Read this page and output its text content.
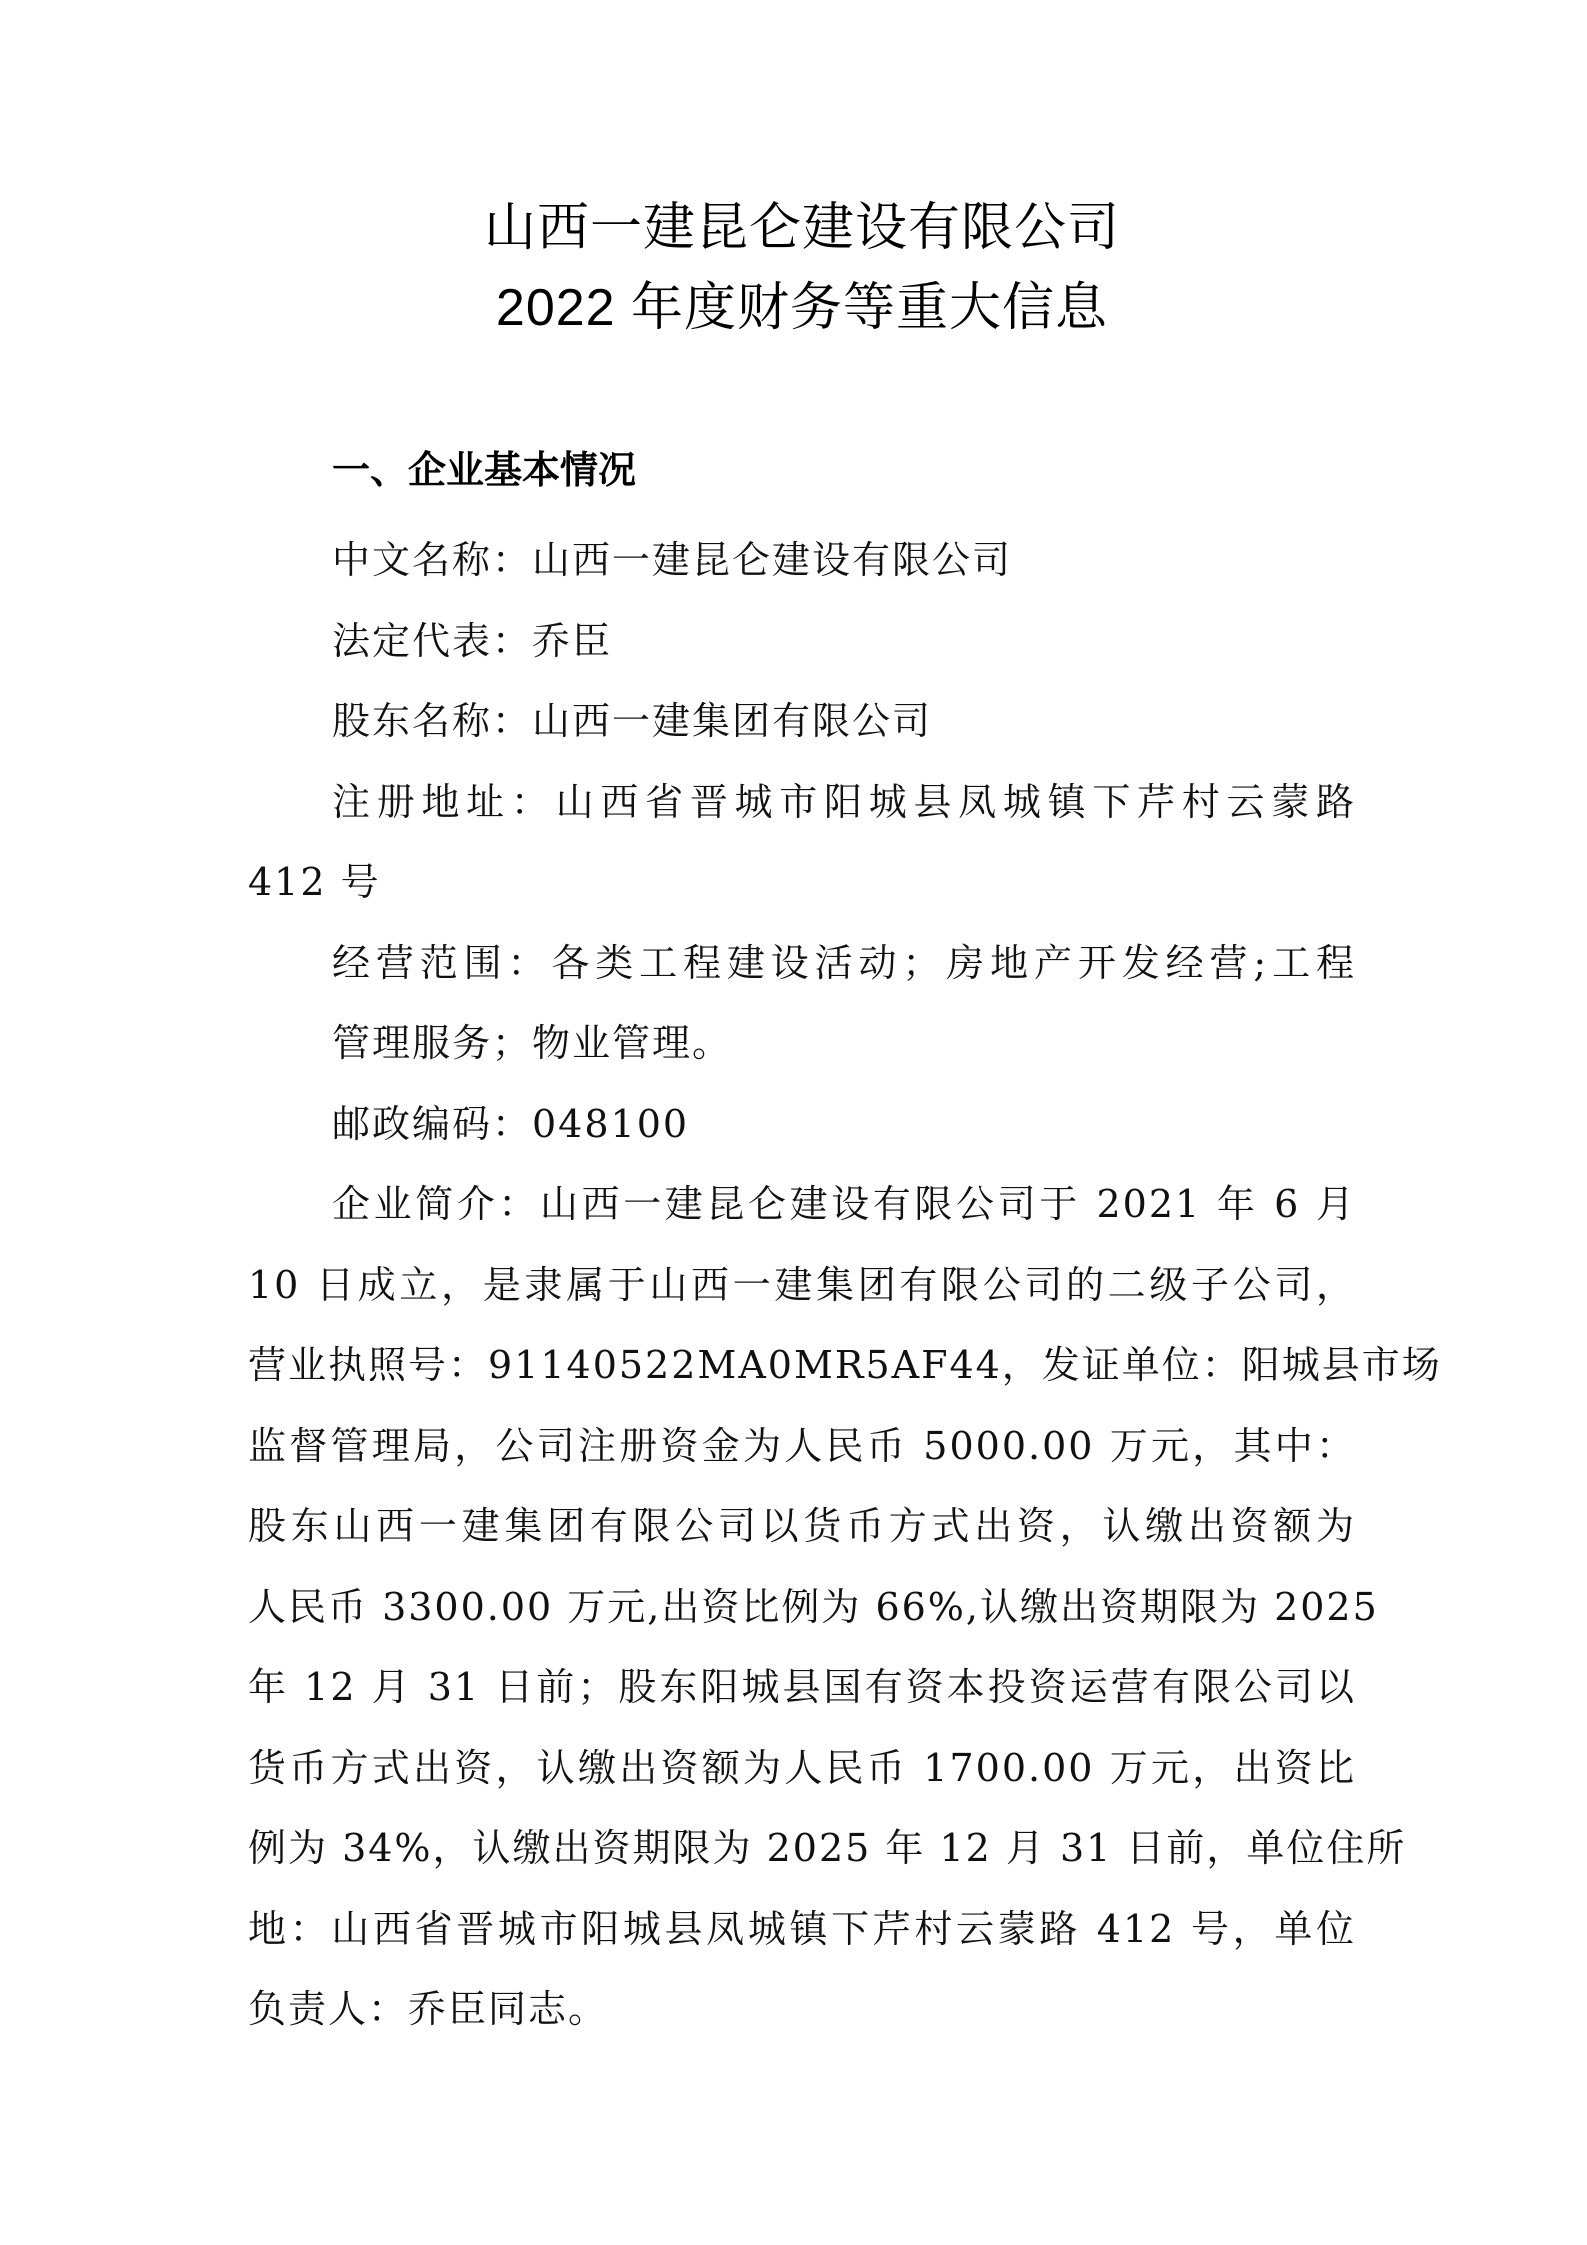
山西一建昆仑建设有限公司
2022 年度财务等重大信息
一、企业基本情况
中文名称：山西一建昆仑建设有限公司
法定代表：乔臣
股东名称：山西一建集团有限公司
注册地址：山西省晋城市阳城县凤城镇下芹村云蒙路
412 号
经营范围：各类工程建设活动；房地产开发经营;工程
管理服务；物业管理。
邮政编码：048100
企业简介：山西一建昆仑建设有限公司于 2021 年 6 月
10 日成立，是隶属于山西一建集团有限公司的二级子公司，
营业执照号：91140522MA0MR5AF44，发证单位：阳城县市场
监督管理局，公司注册资金为人民币 5000.00 万元，其中：
股东山西一建集团有限公司以货币方式出资，认缴出资额为
人民币 3300.00 万元,出资比例为 66%,认缴出资期限为 2025
年 12 月 31 日前；股东阳城县国有资本投资运营有限公司以
货币方式出资，认缴出资额为人民币 1700.00 万元，出资比
例为 34%，认缴出资期限为 2025 年 12 月 31 日前，单位住所
地：山西省晋城市阳城县凤城镇下芹村云蒙路 412 号，单位
负责人：乔臣同志。
